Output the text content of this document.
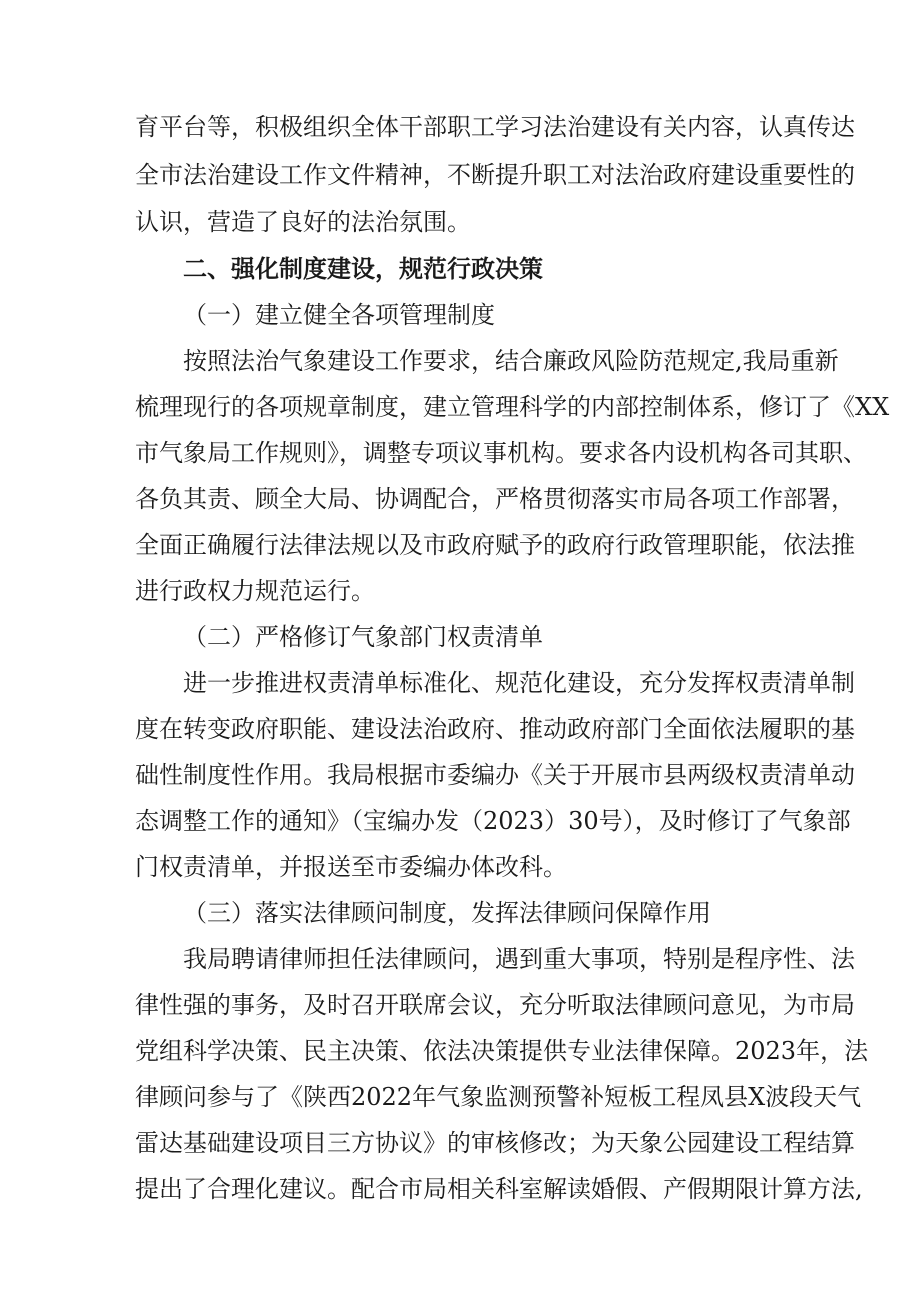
育平台等，积极组织全体干部职工学习法治建设有关内容，认真传达
全市法治建设工作文件精神，不断提升职工对法治政府建设重要性的
认识，营造了良好的法治氛围。
二、强化制度建设，规范行政决策
（一）建立健全各项管理制度
按照法治气象建设工作要求，结合廉政风险防范规定,我局重新
梳理现行的各项规章制度，建立管理科学的内部控制体系，修订了《XX
市气象局工作规则》，调整专项议事机构。要求各内设机构各司其职、
各负其责、顾全大局、协调配合，严格贯彻落实市局各项工作部署，
全面正确履行法律法规以及市政府赋予的政府行政管理职能，依法推
进行政权力规范运行。
（二）严格修订气象部门权责清单
进一步推进权责清单标准化、规范化建设，充分发挥权责清单制
度在转变政府职能、建设法治政府、推动政府部门全面依法履职的基
础性制度性作用。我局根据市委编办《关于开展市县两级权责清单动
态调整工作的通知》（宝编办发（2023）30号），及时修订了气象部
门权责清单，并报送至市委编办体改科。
（三）落实法律顾问制度，发挥法律顾问保障作用
我局聘请律师担任法律顾问，遇到重大事项，特别是程序性、法
律性强的事务，及时召开联席会议，充分听取法律顾问意见，为市局
党组科学决策、民主决策、依法决策提供专业法律保障。2023年，法
律顾问参与了《陕西2022年气象监测预警补短板工程凤县X波段天气
雷达基础建设项目三方协议》的审核修改；为天象公园建设工程结算
提出了合理化建议。配合市局相关科室解读婚假、产假期限计算方法,
